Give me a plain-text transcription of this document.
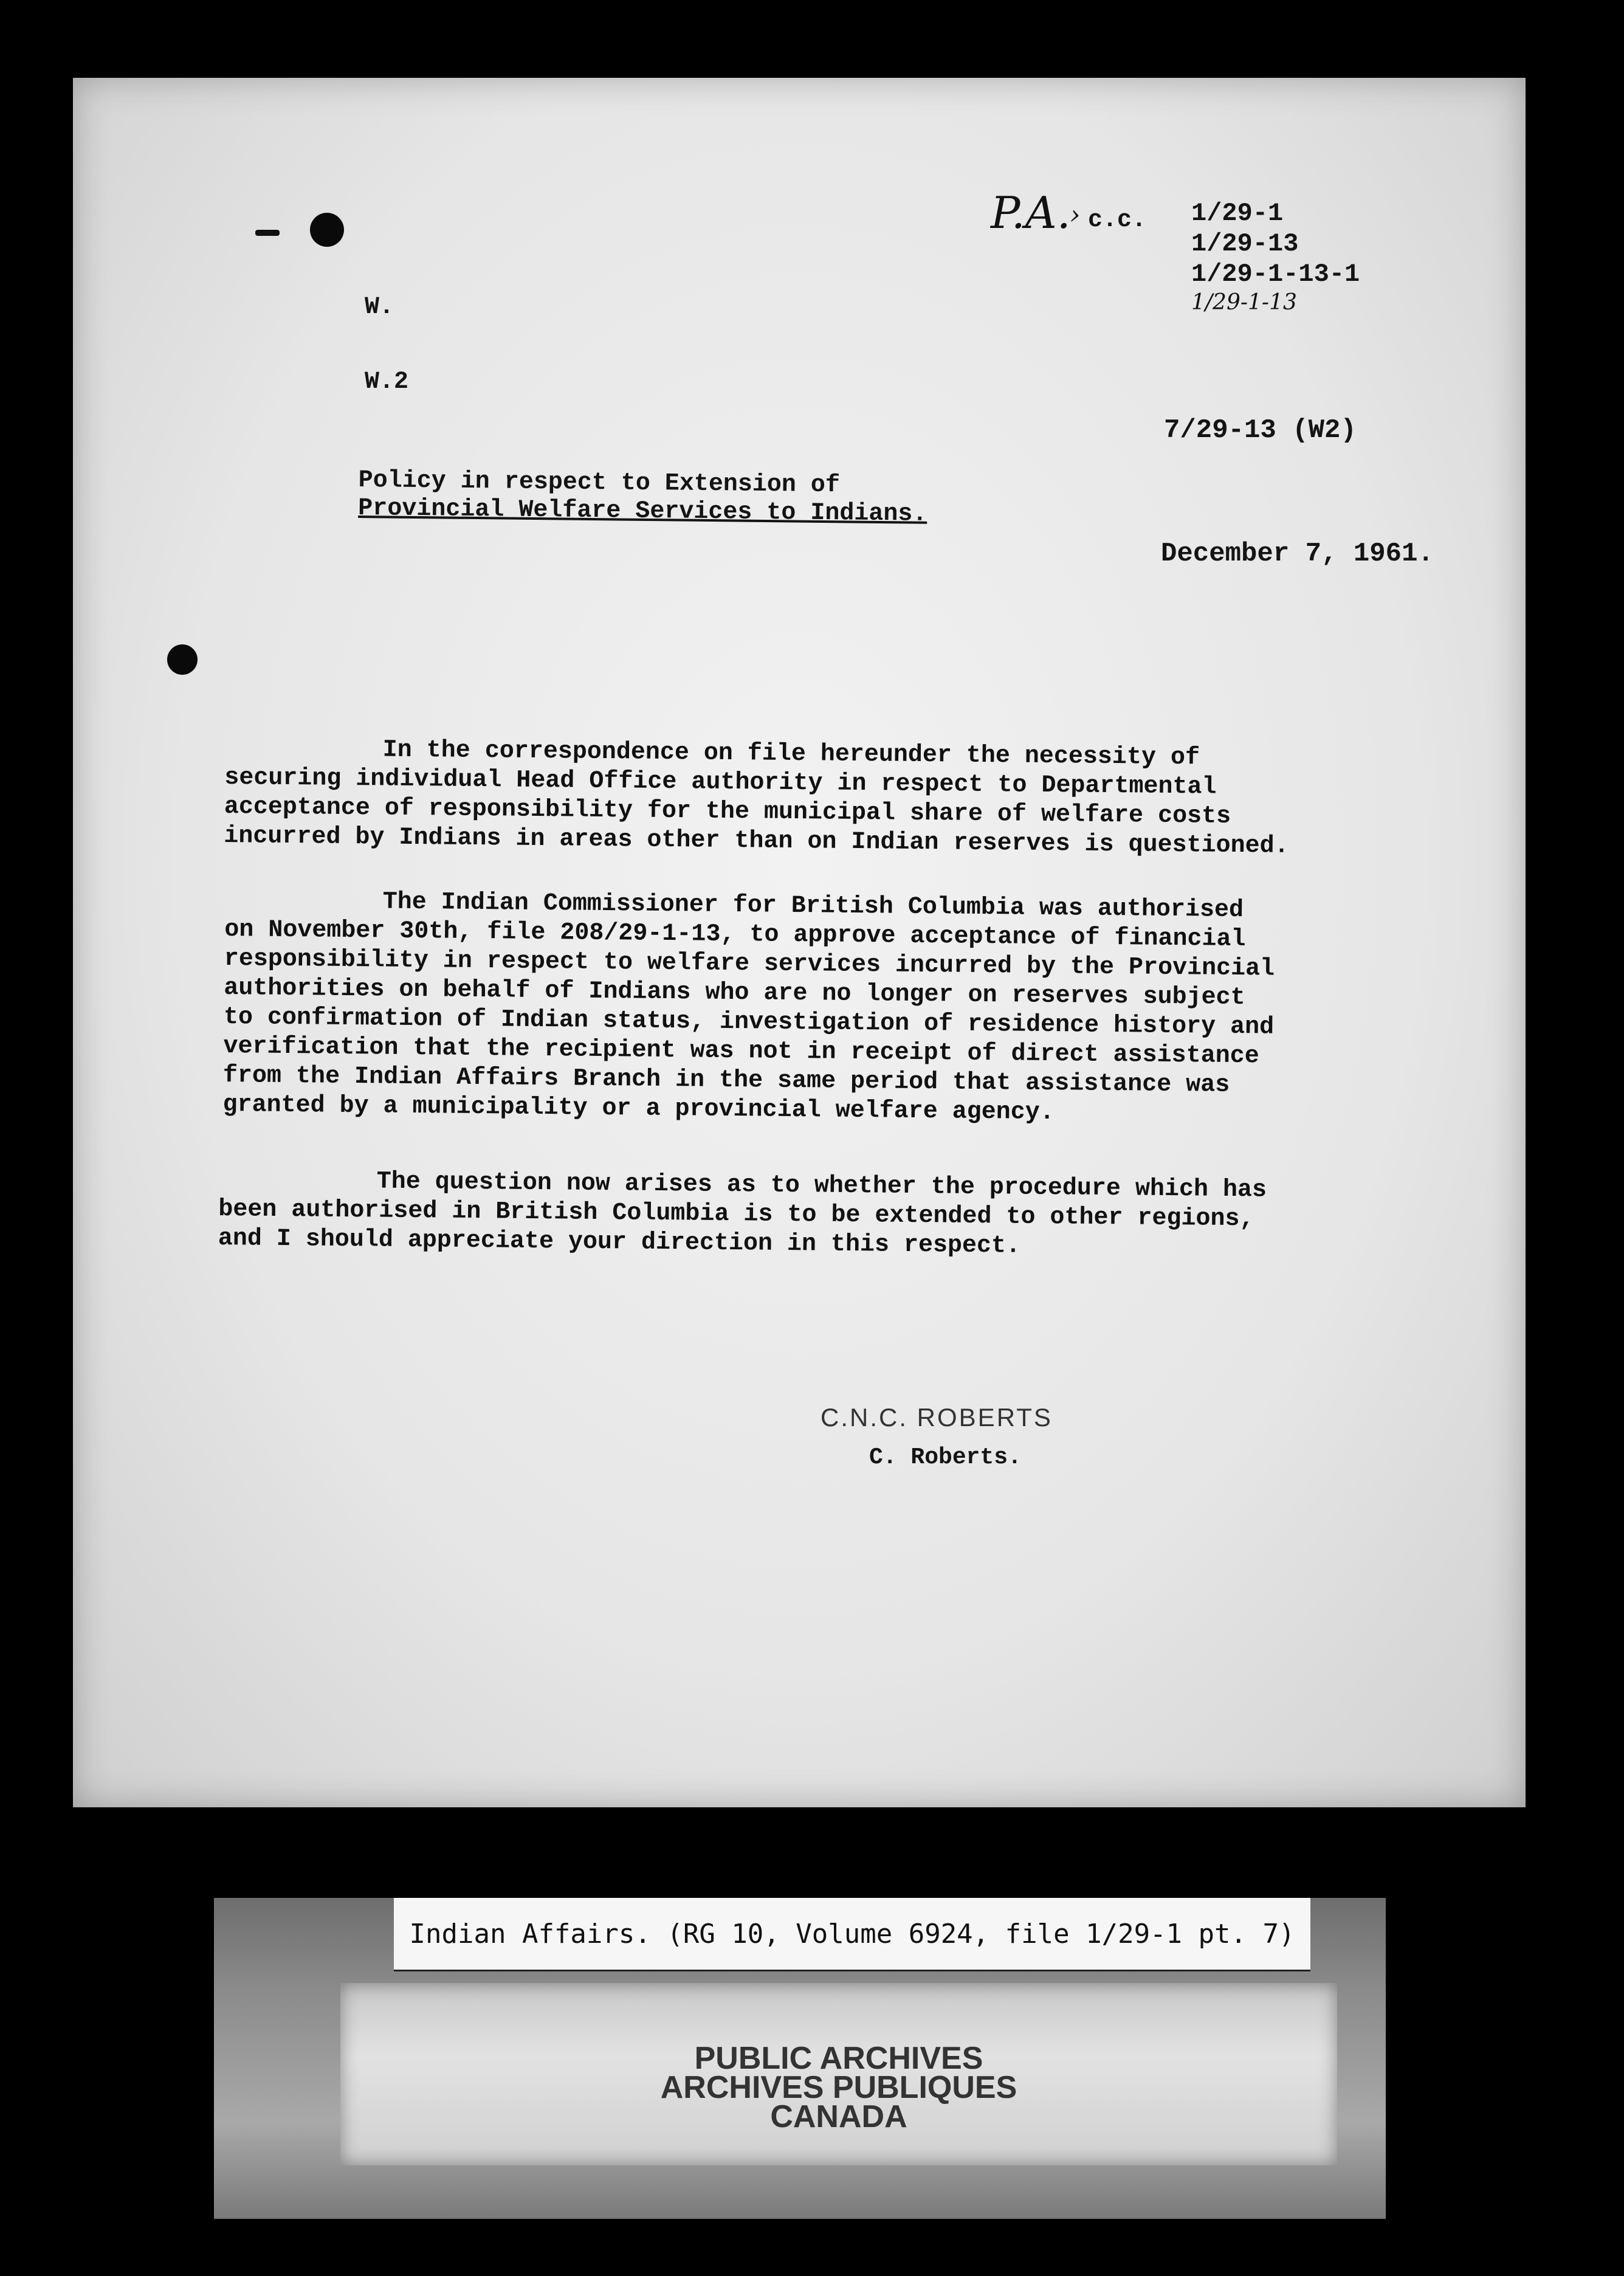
P.A. c.c.
›	1/29-1
1/29-13
1/29-1-13-1
1/29-1-13
W.
W.2
7/29-13 (W2)
Policy in respect to Extension of
Provincial Welfare Services to Indians.
December 7, 1961.
In the correspondence on file hereunder the necessity of
securing individual Head Office authority in respect to Departmental
acceptance of responsibility for the municipal share of welfare costs
incurred by Indians in areas other than on Indian reserves is questioned.
The Indian Commissioner for British Columbia was authorised
on November 30th, file 208/29-1-13, to approve acceptance of financial
responsibility in respect to welfare services incurred by the Provincial
authorities on behalf of Indians who are no longer on reserves subject
to confirmation of Indian status, investigation of residence history and
verification that the recipient was not in receipt of direct assistance
from the Indian Affairs Branch in the same period that assistance was
granted by a municipality or a provincial welfare agency.
The question now arises as to whether the procedure which has
been authorised in British Columbia is to be extended to other regions,
and I should appreciate your direction in this respect.
C.N.C. ROBERTS
C. Roberts.
PUBLIC ARCHIVES
ARCHIVES PUBLIQUES
CANADA
Indian Affairs. (RG 10, Volume 6924, file 1/29-1 pt. 7)
